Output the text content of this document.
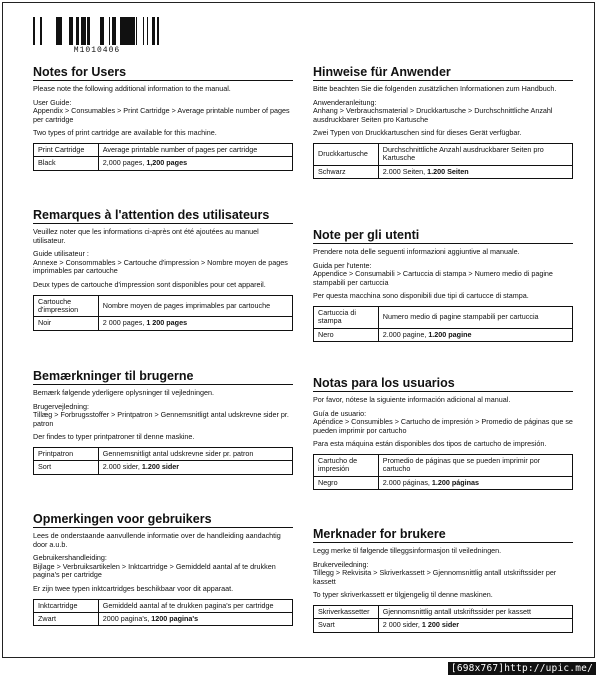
M1010406
Notes for Users

Please note the following additional information to the manual.

User Guide:

Appendix > Consumables > Print Cartridge > Average printable number of pages per cartridge

Two types of print cartridge are available for this machine.

Print Cartridge	Average printable number of pages per cartridge
Black	2,000 pages, 1,200 pages
Hinweise für Anwender

Bitte beachten Sie die folgenden zusätzlichen Informationen zum Handbuch.

Anwenderanleitung:

Anhang > Verbrauchsmaterial > Druckkartusche > Durchschnittliche Anzahl ausdruckbarer Seiten pro Kartusche

Zwei Typen von Druckkartuschen sind für dieses Gerät verfügbar.

Druckkartusche	Durchschnittliche Anzahl ausdruckbarer Seiten pro Kartusche
Schwarz	2.000 Seiten, 1.200 Seiten
Remarques à l'attention des utilisateurs

Veuillez noter que les informations ci-après ont été ajoutées au manuel utilisateur.

Guide utilisateur :

Annexe > Consommables > Cartouche d'impression > Nombre moyen de pages imprimables par cartouche

Deux types de cartouche d'impression sont disponibles pour cet appareil.

Cartouche d'impression	Nombre moyen de pages imprimables par cartouche
Noir	2 000 pages, 1 200 pages
Note per gli utenti

Prendere nota delle seguenti informazioni aggiuntive al manuale.

Guida per l'utente:

Appendice > Consumabili > Cartuccia di stampa > Numero medio di pagine stampabili per cartuccia

Per questa macchina sono disponibili due tipi di cartucce di stampa.

Cartuccia di stampa	Numero medio di pagine stampabili per cartuccia
Nero	2.000 pagine, 1.200 pagine
Bemærkninger til brugerne

Bemærk følgende yderligere oplysninger til vejledningen.

Brugervejledning:

Tillæg > Forbrugsstoffer > Printpatron > Gennemsnitligt antal udskrevne sider pr. patron

Der findes to typer printpatroner til denne maskine.

Printpatron	Gennemsnitligt antal udskrevne sider pr. patron
Sort	2.000 sider, 1.200 sider
Notas para los usuarios

Por favor, nótese la siguiente información adicional al manual.

Guía de usuario:

Apéndice > Consumibles > Cartucho de impresión > Promedio de páginas que se pueden imprimir por cartucho

Para esta máquina están disponibles dos tipos de cartucho de impresión.

Cartucho de impresión	Promedio de páginas que se pueden imprimir por cartucho
Negro	2.000 páginas, 1.200 páginas
Opmerkingen voor gebruikers

Lees de onderstaande aanvullende informatie over de handleiding aandachtig door a.u.b.

Gebruikershandleiding:

Bijlage > Verbruiksartikelen > Inktcartridge > Gemiddeld aantal af te drukken pagina's per cartridge

Er zijn twee typen inktcartridges beschikbaar voor dit apparaat.

Inktcartridge	Gemiddeld aantal af te drukken pagina's per cartridge
Zwart	2000 pagina's, 1200 pagina's
Merknader for brukere

Legg merke til følgende tilleggsinformasjon til veiledningen.

Brukerveiledning:

Tillegg > Rekvisita > Skriverkassett > Gjennomsnittlig antall utskriftssider per kassett

To typer skriverkassett er tilgjengelig til denne maskinen.

Skriverkassetter	Gjennomsnittlig antall utskriftssider per kassett
Svart	2 000 sider, 1 200 sider
[698x767]http://upic.me/
